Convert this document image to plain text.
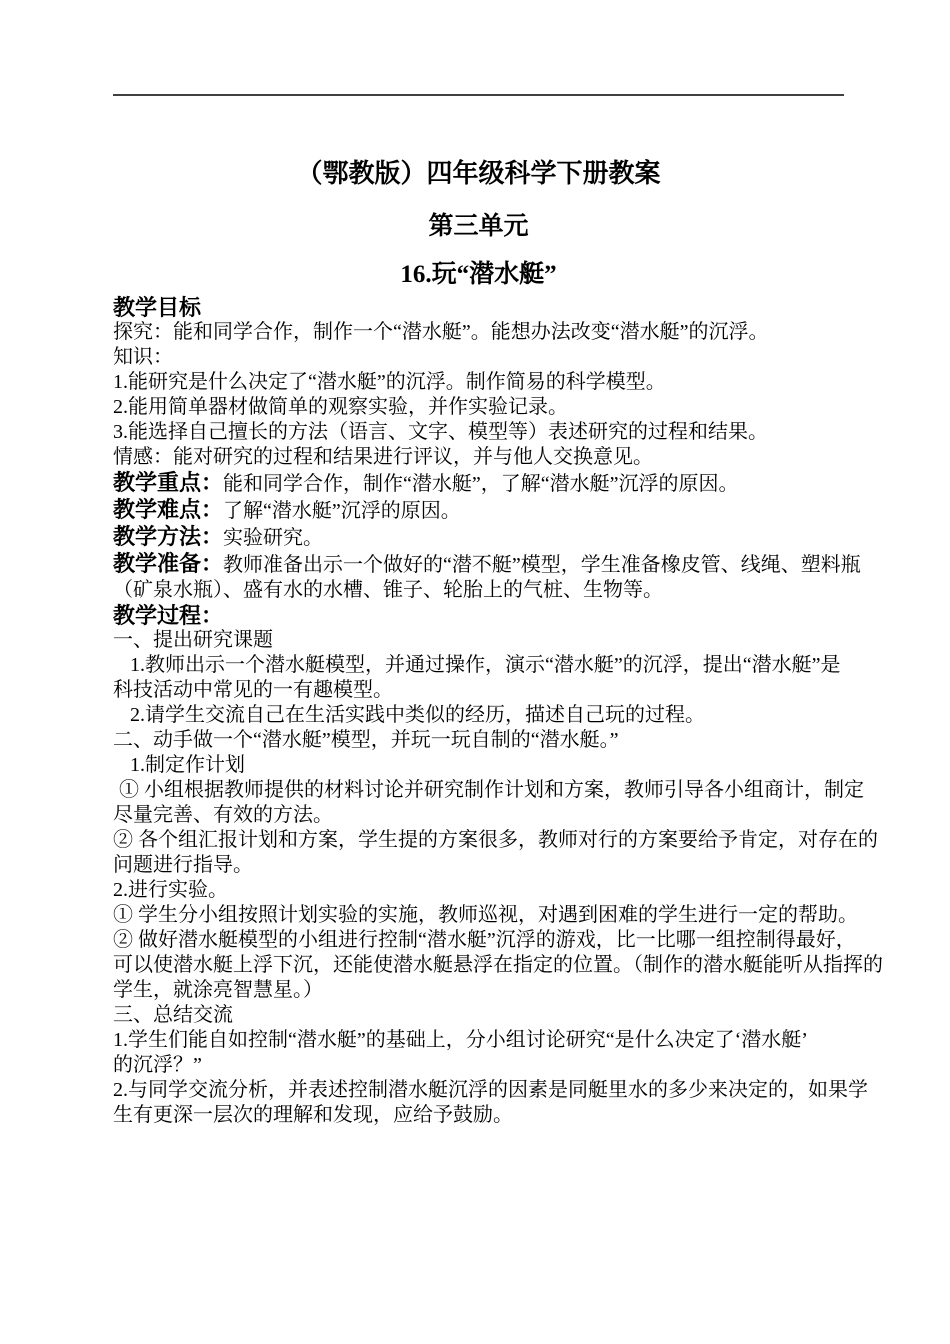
（鄂教版）四年级科学下册教案
第三单元
16.玩“潜水艇”
教学目标
探究：能和同学合作，制作一个“潜水艇”。能想办法改变“潜水艇”的沉浮。
知识：
1.能研究是什么决定了“潜水艇”的沉浮。制作简易的科学模型。
2.能用简单器材做简单的观察实验，并作实验记录。
3.能选择自己擅长的方法（语言、文字、模型等）表述研究的过程和结果。
情感：能对研究的过程和结果进行评议，并与他人交换意见。
教学重点：能和同学合作，制作“潜水艇”，了解“潜水艇”沉浮的原因。
教学难点：了解“潜水艇”沉浮的原因。
教学方法：实验研究。
教学准备：教师准备出示一个做好的“潜不艇”模型，学生准备橡皮管、线绳、塑料瓶
（矿泉水瓶）、盛有水的水槽、锥子、轮胎上的气桩、生物等。
教学过程：
一、提出研究课题
1.教师出示一个潜水艇模型，并通过操作，演示“潜水艇”的沉浮，提出“潜水艇”是
科技活动中常见的一有趣模型。
2.请学生交流自己在生活实践中类似的经历，描述自己玩的过程。
二、动手做一个“潜水艇”模型，并玩一玩自制的“潜水艇。”
1.制定作计划
① 小组根据教师提供的材料讨论并研究制作计划和方案，教师引导各小组商计，制定
尽量完善、有效的方法。
② 各个组汇报计划和方案，学生提的方案很多，教师对行的方案要给予肯定，对存在的
问题进行指导。
2.进行实验。
① 学生分小组按照计划实验的实施，教师巡视，对遇到困难的学生进行一定的帮助。
② 做好潜水艇模型的小组进行控制“潜水艇”沉浮的游戏，比一比哪一组控制得最好，
可以使潜水艇上浮下沉，还能使潜水艇悬浮在指定的位置。（制作的潜水艇能听从指挥的
学生，就涂亮智慧星。）
三、总结交流
1.学生们能自如控制“潜水艇”的基础上，分小组讨论研究“是什么决定了‘潜水艇’
的沉浮？”
2.与同学交流分析，并表述控制潜水艇沉浮的因素是同艇里水的多少来决定的，如果学
生有更深一层次的理解和发现，应给予鼓励。
